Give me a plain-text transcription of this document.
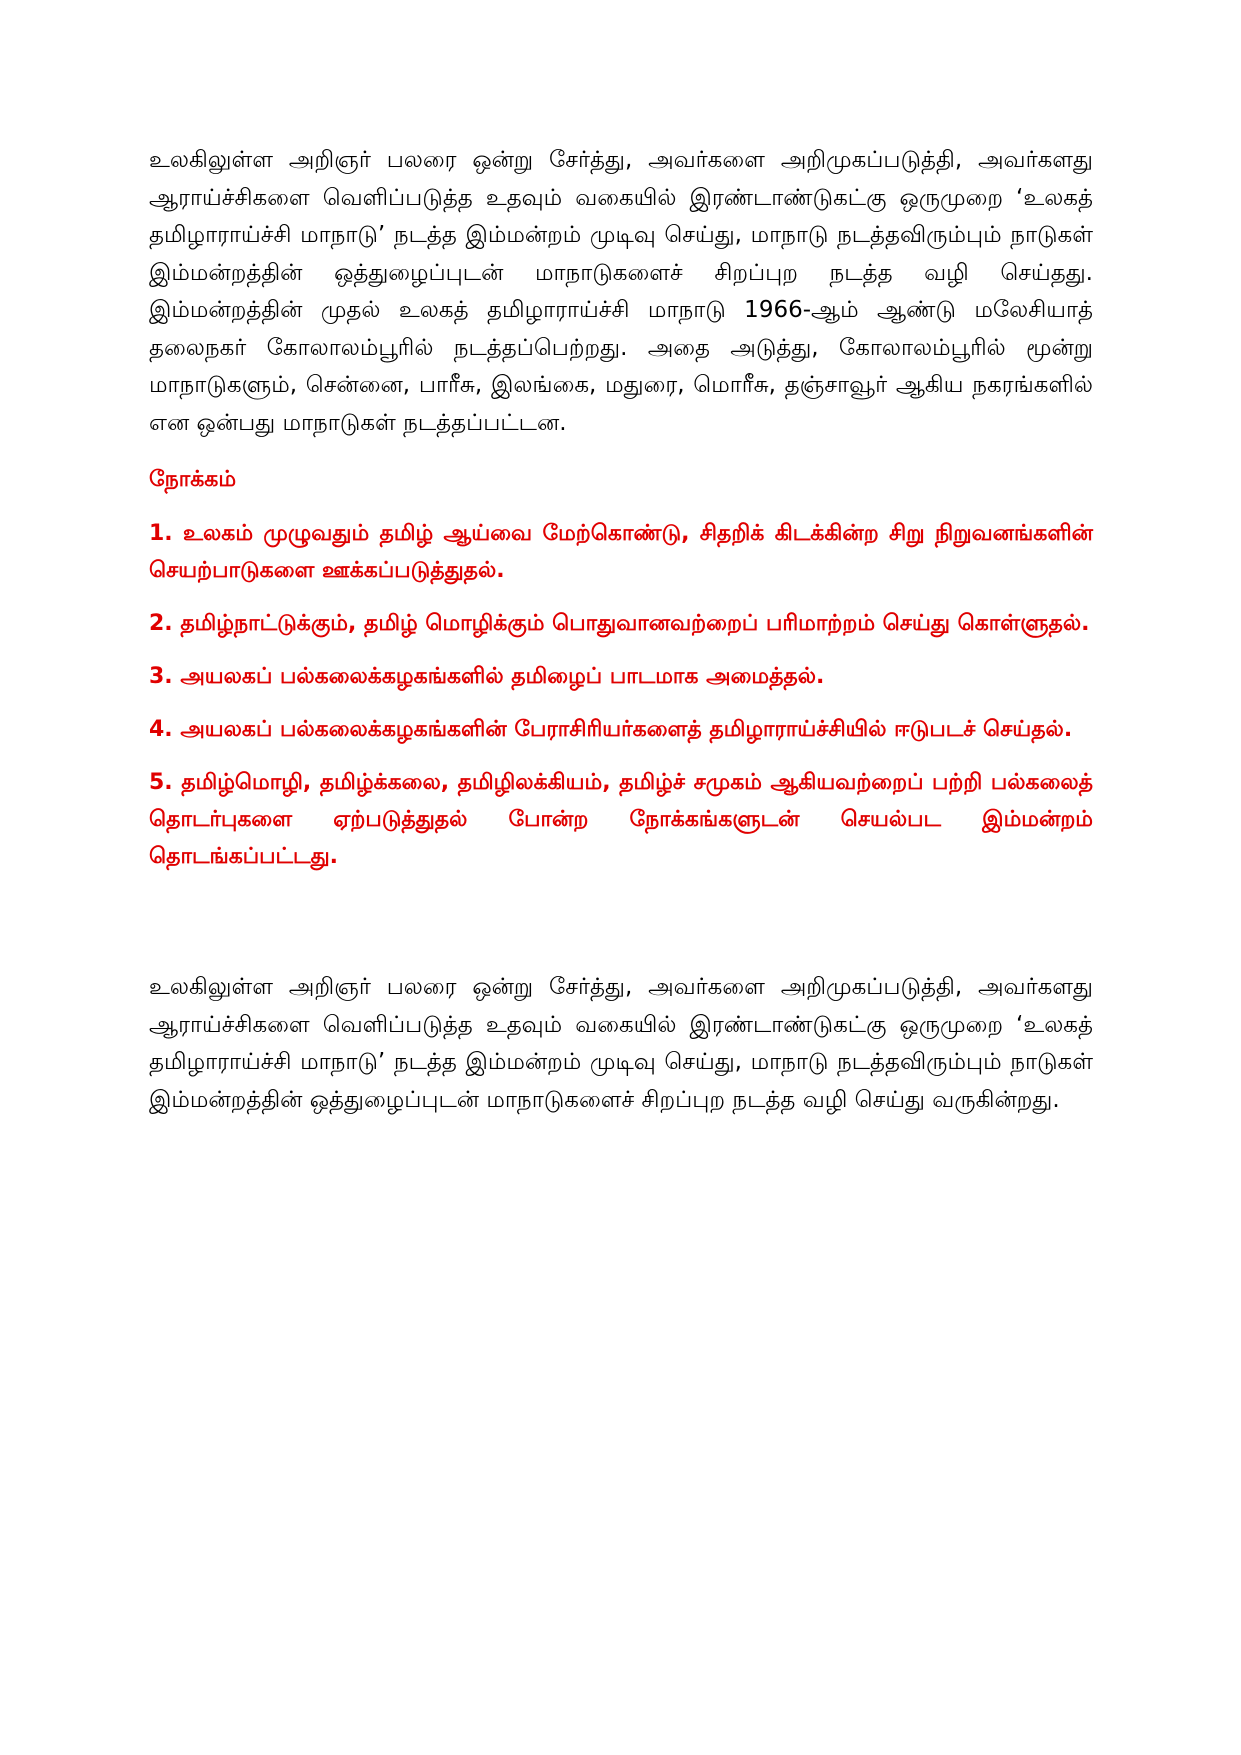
உலகிலுள்ள அறிஞர் பலரை ஒன்று சேர்த்து, அவர்களை அறிமுகப்படுத்தி, அவர்களது ஆராய்ச்சிகளை வெளிப்படுத்த உதவும் வகையில் இரண்டாண்டுகட்கு ஒருமுறை ‘உலகத் தமிழாராய்ச்சி மாநாடு’ நடத்த இம்மன்றம் முடிவு செய்து, மாநாடு நடத்தவிரும்பும் நாடுகள் இம்மன்றத்தின் ஒத்துழைப்புடன் மாநாடுகளைச் சிறப்புற நடத்த வழி செய்தது. இம்மன்றத்தின் முதல் உலகத் தமிழாராய்ச்சி மாநாடு 1966-ஆம் ஆண்டு மலேசியாத் தலைநகர் கோலாலம்பூரில் நடத்தப்பெற்றது. அதை அடுத்து, கோலாலம்பூரில் மூன்று மாநாடுகளும், சென்னை, பாரீசு, இலங்கை, மதுரை, மொரீசு, தஞ்சாவூர் ஆகிய நகரங்களில் என ஒன்பது மாநாடுகள் நடத்தப்பட்டன.

நோக்கம்

1. உலகம் முழுவதும் தமிழ் ஆய்வை மேற்கொண்டு, சிதறிக் கிடக்கின்ற சிறு நிறுவனங்களின் செயற்பாடுகளை ஊக்கப்படுத்துதல்.

2. தமிழ்நாட்டுக்கும், தமிழ் மொழிக்கும் பொதுவானவற்றைப் பரிமாற்றம் செய்து கொள்ளுதல்.

3. அயலகப் பல்கலைக்கழகங்களில் தமிழைப் பாடமாக அமைத்தல்.

4. அயலகப் பல்கலைக்கழகங்களின் பேராசிரியர்களைத் தமிழாராய்ச்சியில் ஈடுபடச் செய்தல்.

5. தமிழ்மொழி, தமிழ்க்கலை, தமிழிலக்கியம், தமிழ்ச் சமுகம் ஆகியவற்றைப் பற்றி பல்கலைத் தொடர்புகளை ஏற்படுத்துதல் போன்ற நோக்கங்களுடன் செயல்பட இம்மன்றம் தொடங்கப்பட்டது.

உலகிலுள்ள அறிஞர் பலரை ஒன்று சேர்த்து, அவர்களை அறிமுகப்படுத்தி, அவர்களது ஆராய்ச்சிகளை வெளிப்படுத்த உதவும் வகையில் இரண்டாண்டுகட்கு ஒருமுறை ‘உலகத் தமிழாராய்ச்சி மாநாடு’ நடத்த இம்மன்றம் முடிவு செய்து, மாநாடு நடத்தவிரும்பும் நாடுகள் இம்மன்றத்தின் ஒத்துழைப்புடன் மாநாடுகளைச் சிறப்புற நடத்த வழி செய்து வருகின்றது.
